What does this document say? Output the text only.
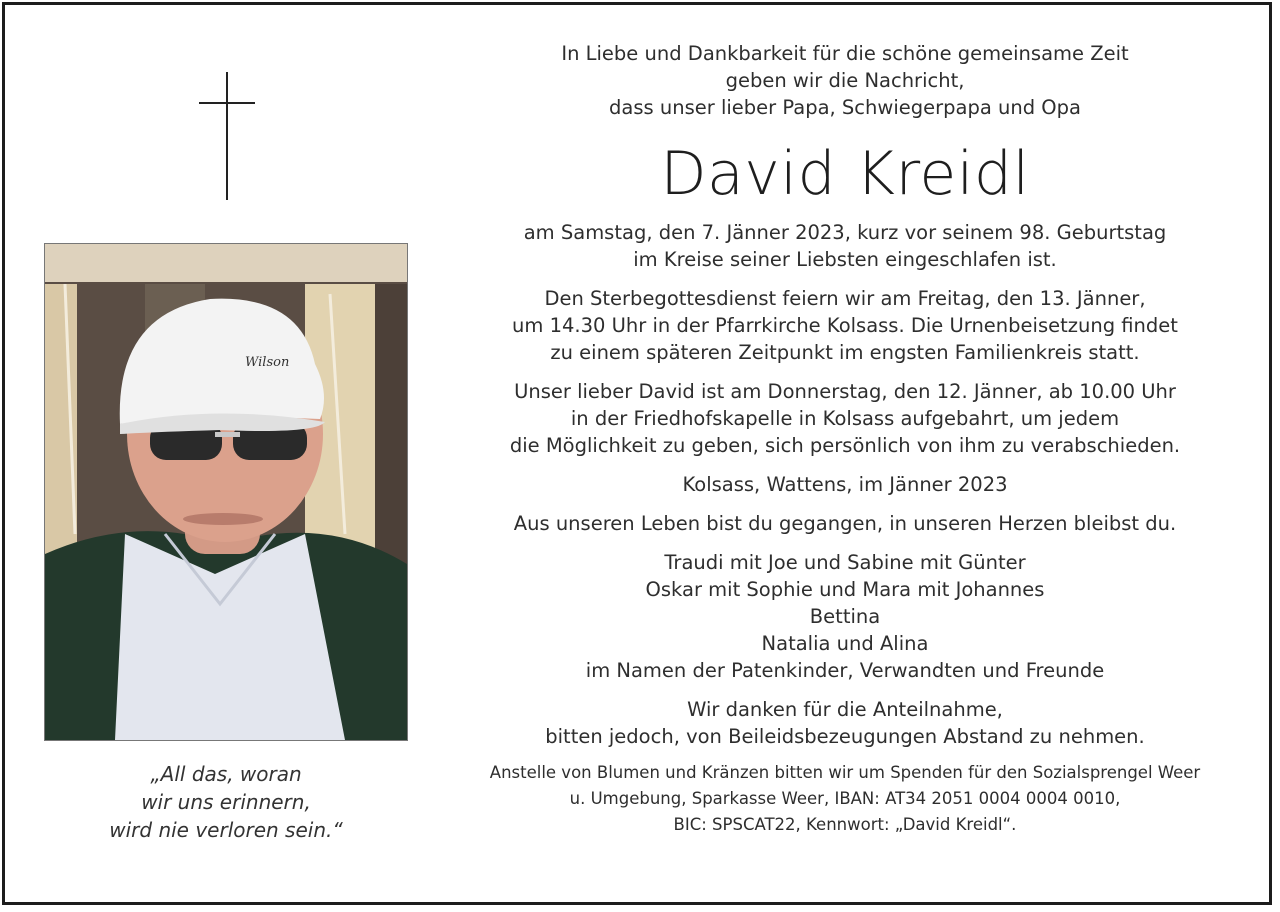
Wilson
„All das, woran
wir uns erinnern,
wird nie verloren sein.“
In Liebe und Dankbarkeit für die schöne gemeinsame Zeit
geben wir die Nachricht,
dass unser lieber Papa, Schwiegerpapa und Opa
David Kreidl
am Samstag, den 7. Jänner 2023, kurz vor seinem 98. Geburtstag
im Kreise seiner Liebsten eingeschlafen ist.
Den Sterbegottesdienst feiern wir am Freitag, den 13. Jänner,
um 14.30 Uhr in der Pfarrkirche Kolsass. Die Urnenbeisetzung findet
zu einem späteren Zeitpunkt im engsten Familienkreis statt.
Unser lieber David ist am Donnerstag, den 12. Jänner, ab 10.00 Uhr
in der Friedhofskapelle in Kolsass aufgebahrt, um jedem
die Möglichkeit zu geben, sich persönlich von ihm zu verabschieden.
Kolsass, Wattens, im Jänner 2023
Aus unseren Leben bist du gegangen, in unseren Herzen bleibst du.
Traudi mit Joe und Sabine mit Günter
Oskar mit Sophie und Mara mit Johannes
Bettina
Natalia und Alina
im Namen der Patenkinder, Verwandten und Freunde
Wir danken für die Anteilnahme,
bitten jedoch, von Beileidsbezeugungen Abstand zu nehmen.
Anstelle von Blumen und Kränzen bitten wir um Spenden für den Sozialsprengel Weer
u. Umgebung, Sparkasse Weer, IBAN: AT34 2051 0004 0004 0010,
BIC: SPSCAT22, Kennwort: „David Kreidl“.
